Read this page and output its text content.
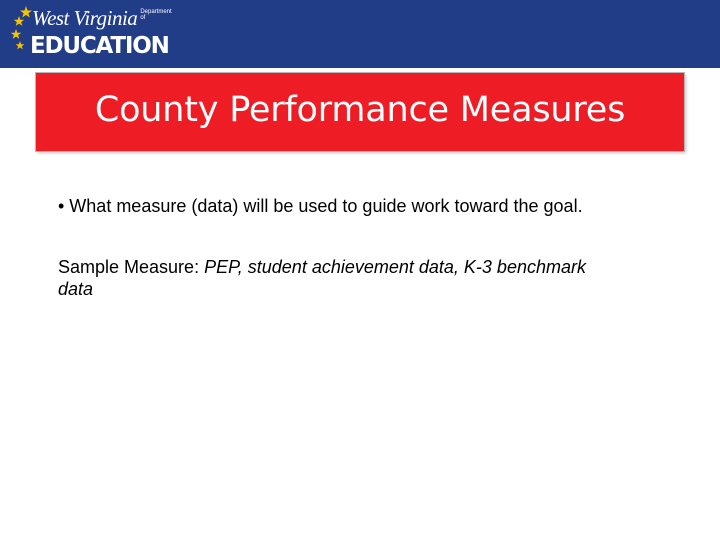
West Virginia Department of
EDUCATION
County Performance Measures

• What measure (data) will be used to guide work toward the goal.

Sample Measure: PEP, student achievement data, K-3 benchmark data
